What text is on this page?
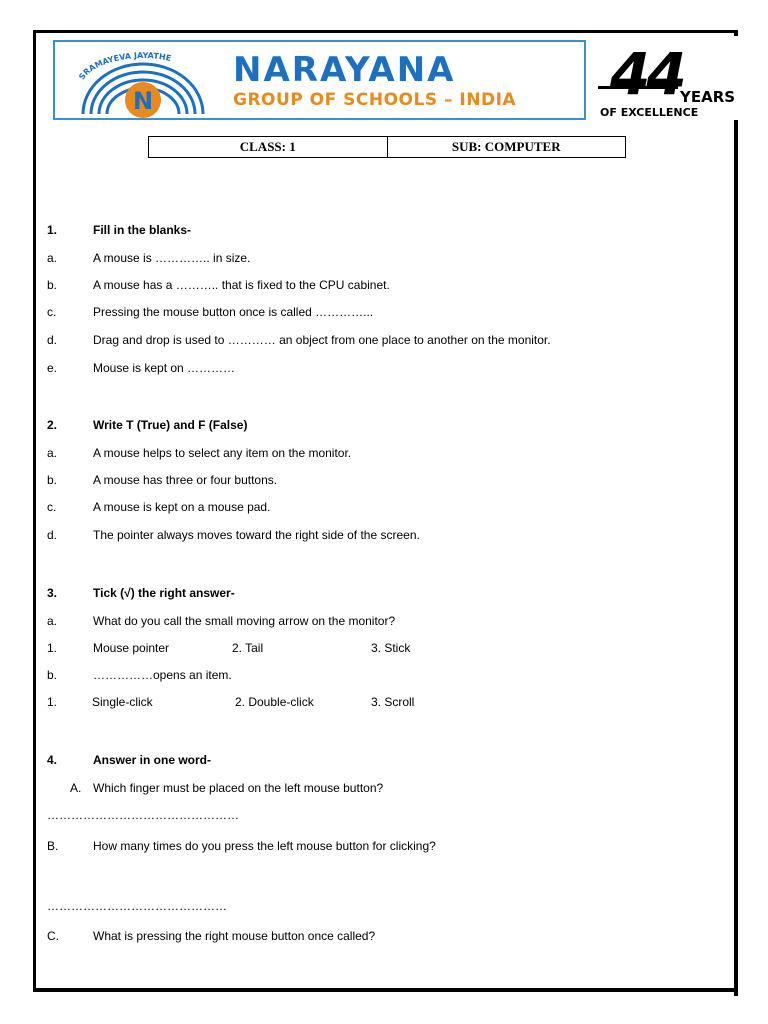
SRAMAYEVA JAYATHE
N
NARAYANA
GROUP OF SCHOOLS – INDIA 44
YEARS
OF EXCELLENCE
CLASS: 1	SUB: COMPUTER
1.	Fill in the blanks-
a.	A mouse is ………….. in size.
b.	A mouse has a ……….. that is fixed to the CPU cabinet.
c.	Pressing the mouse button once is called …………...
d.	Drag and drop is used to ………… an object from one place to another on the monitor.
e.	Mouse is kept on …………
2.	Write T (True) and F (False)
a.	A mouse helps to select any item on the monitor.
b.	A mouse has three or four buttons.
c.	A mouse is kept on a mouse pad.
d.	The pointer always moves toward the right side of the screen.
3.	Tick (√) the right answer-
a.	What do you call the small moving arrow on the monitor?
1.	Mouse pointer	2. Tail	3. Stick
b.	……………opens an item.
1.	Single-click	2. Double-click	3. Scroll
4.	Answer in one word-
A. Which finger must be placed on the left mouse button?
…………………………………………
B.	How many times do you press the left mouse button for clicking?
………………………………………
C.	What is pressing the right mouse button once called?
